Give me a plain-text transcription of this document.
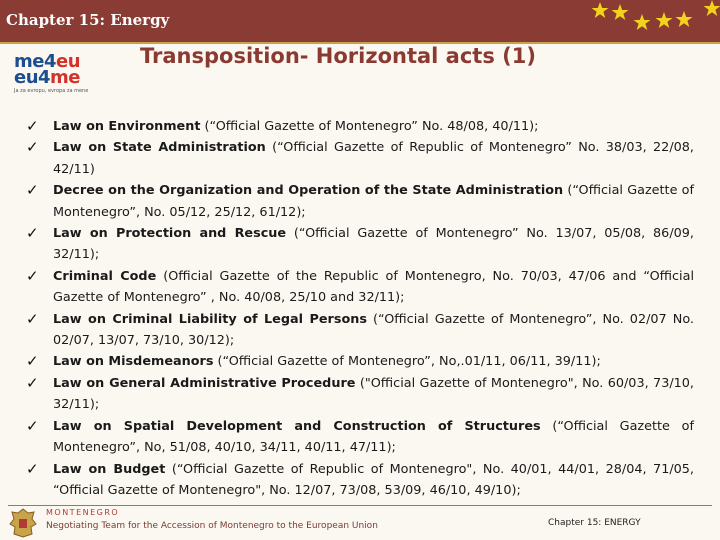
Chapter 15: Energy
me4eu
eu4me
Ja za evropu, evropa za mene
Transposition- Horizontal acts (1)
✓ Law on Environment (“Official Gazette of Montenegro” No. 48/08, 40/11);
✓ Law on State Administration (“Official Gazette of Republic of Montenegro” No. 38/03, 22/08, 42/11)
✓ Decree on the Organization and Operation of the State Administration (“Official Gazette of Montenegro”, No. 05/12, 25/12, 61/12);
✓ Law on Protection and Rescue (“Official Gazette of Montenegro” No. 13/07, 05/08, 86/09, 32/11);
✓ Criminal Code (Official Gazette of the Republic of Montenegro, No. 70/03, 47/06 and “Official Gazette of Montenegro” , No. 40/08, 25/10 and 32/11);
✓ Law on Criminal Liability of Legal Persons (“Official Gazette of Montenegro”, No. 02/07 No. 02/07, 13/07, 73/10, 30/12);
✓ Law on Misdemeanors (“Official Gazette of Montenegro”, No,.01/11, 06/11, 39/11);
✓ Law on General Administrative Procedure ("Official Gazette of Montenegro", No. 60/03, 73/10, 32/11);
✓ Law on Spatial Development and Construction of Structures (“Official Gazette of Montenegro”, No, 51/08, 40/10, 34/11, 40/11, 47/11);
✓ Law on Budget (“Official Gazette of Republic of Montenegro", No. 40/01, 44/01, 28/04, 71/05, “Official Gazette of Montenegro", No. 12/07, 73/08, 53/09, 46/10, 49/10);
MONTENEGRO
Negotiating Team for the Accession of Montenegro to the European Union	Chapter 15: ENERGY
